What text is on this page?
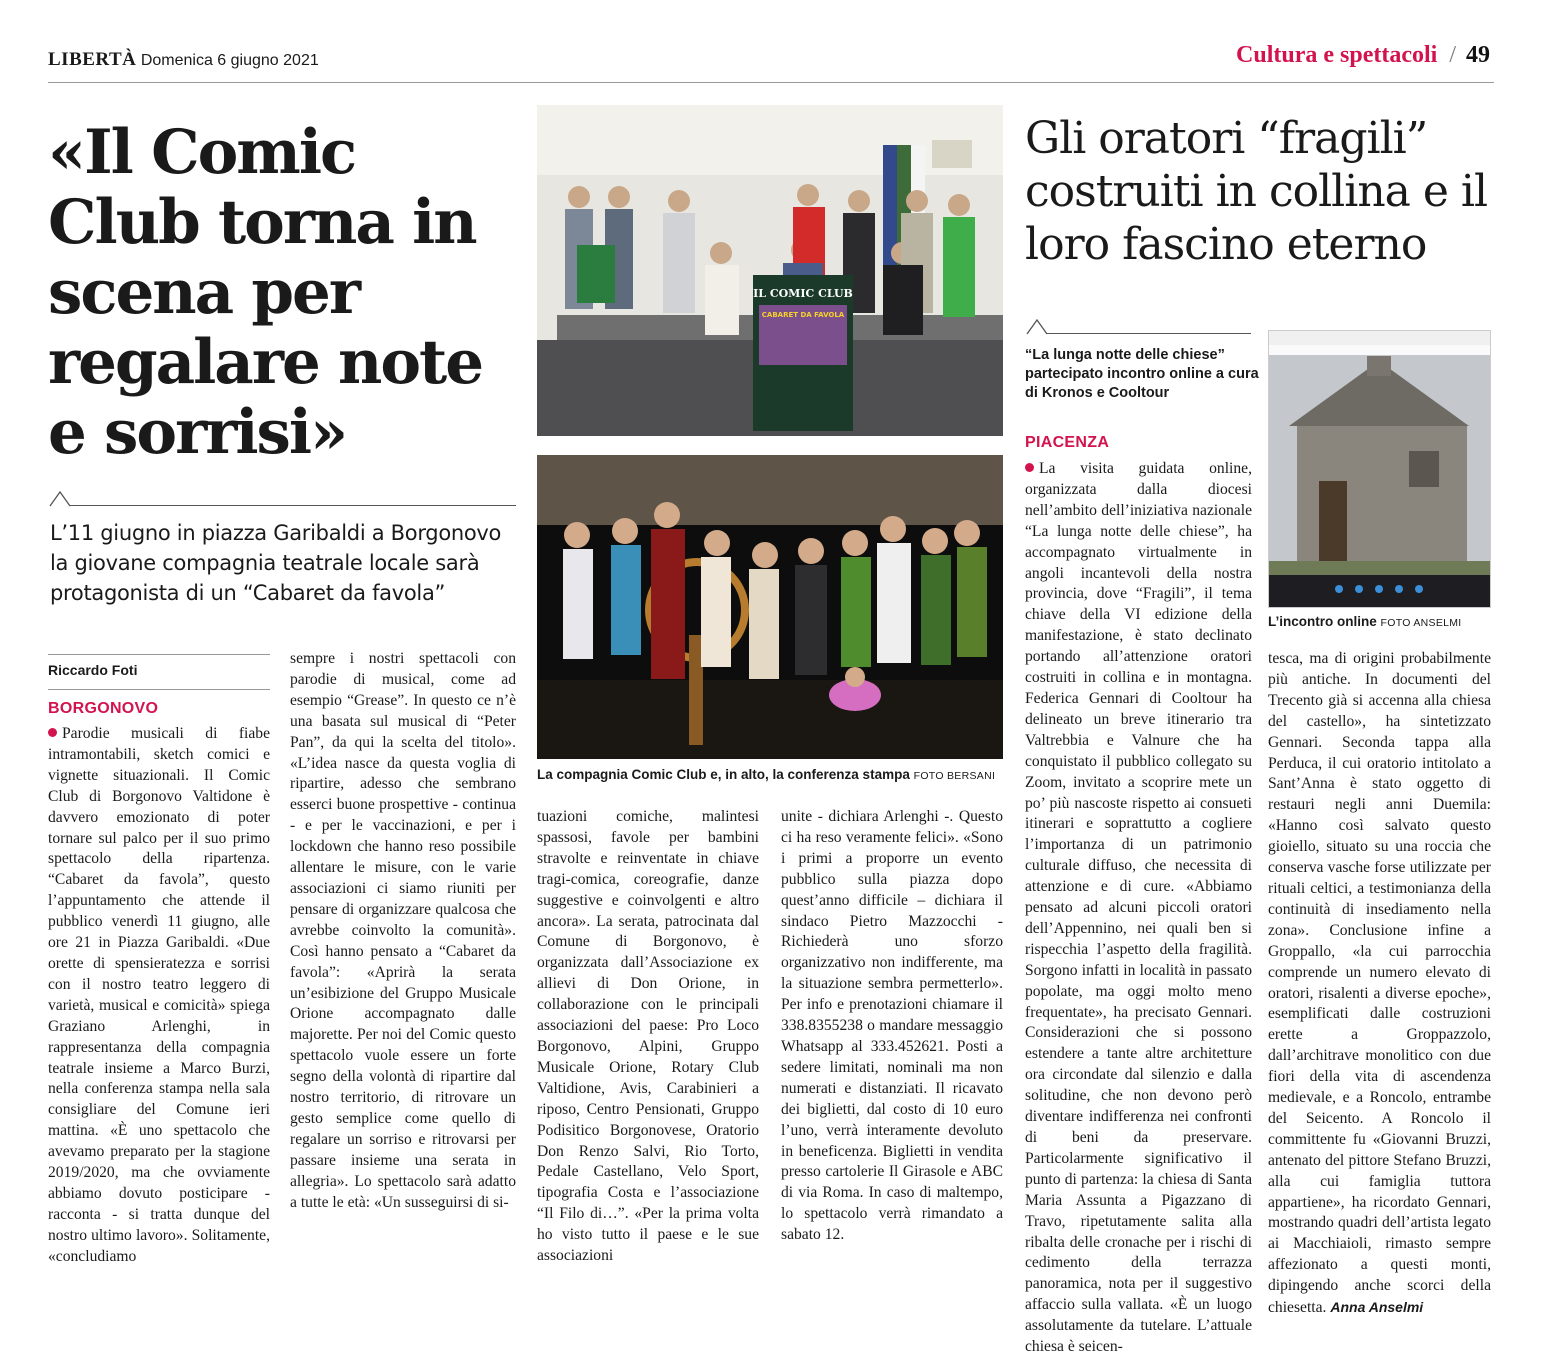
LIBERTÀ Domenica 6 giugno 2021	Cultura e spettacoli / 49
«Il Comic Club torna in scena per regalare note e sorrisi»
L’11 giugno in piazza Garibaldi a Borgonovo la giovane compagnia teatrale locale sarà protagonista di un “Cabaret da favola”
Riccardo Foti
BORGONOVO

Parodie musicali di fiabe intramontabili, sketch comici e vignette situazionali. Il Comic Club di Borgonovo Valtidone è davvero emozionato di poter tornare sul palco per il suo primo spettacolo della ripartenza. “Cabaret da favola”, questo l’appuntamento che attende il pubblico venerdì 11 giugno, alle ore 21 in Piazza Garibaldi. «Due orette di spensieratezza e sorrisi con il nostro teatro leggero di varietà, musical e comicità» spiega Graziano Arlenghi, in rappresentanza della compagnia teatrale insieme a Marco Burzi, nella conferenza stampa nella sala consigliare del Comune ieri mattina. «È uno spettacolo che avevamo preparato per la stagione 2019/2020, ma che ovviamente abbiamo dovuto posticipare - racconta - si tratta dunque del nostro ultimo lavoro». Solitamente, «concludiamo

sempre i nostri spettacoli con parodie di musical, come ad esempio “Grease”. In questo ce n’è una basata sul musical di “Peter Pan”, da qui la scelta del titolo». «L’idea nasce da questa voglia di ripartire, adesso che sembrano esserci buone prospettive - continua - e per le vaccinazioni, e per i lockdown che hanno reso possibile allentare le misure, con le varie associazioni ci siamo riuniti per pensare di organizzare qualcosa che avrebbe coinvolto la comunità». Così hanno pensato a “Cabaret da favola”: «Aprirà la serata un’esibizione del Gruppo Musicale Orione accompagnato dalle majorette. Per noi del Comic questo spettacolo vuole essere un forte segno della volontà di ripartire dal nostro territorio, di ritrovare un gesto semplice come quello di regalare un sorriso e ritrovarsi per passare insieme una serata in allegria». Lo spettacolo sarà adatto a tutte le età: «Un susseguirsi di si-

IL COMIC CLUB
CABARET DA FAVOLA
La compagnia Comic Club e, in alto, la conferenza stampa FOTO BERSANI

tuazioni comiche, malintesi spassosi, favole per bambini stravolte e reinventate in chiave tragi-comica, coreografie, danze suggestive e coinvolgenti e altro ancora». La serata, patrocinata dal Comune di Borgonovo, è organizzata dall’Associazione ex allievi di Don Orione, in collaborazione con le principali associazioni del paese: Pro Loco Borgonovo, Alpini, Gruppo Musicale Orione, Rotary Club Valtidione, Avis, Carabinieri a riposo, Centro Pensionati, Gruppo Podisitico Borgonovese, Oratorio Don Renzo Salvi, Rio Torto, Pedale Castellano, Velo Sport, tipografia Costa e l’associazione “Il Filo di…”. «Per la prima volta ho visto tutto il paese e le sue associazioni

unite - dichiara Arlenghi -. Questo ci ha reso veramente felici». «Sono i primi a proporre un evento pubblico sulla piazza dopo quest’anno difficile – dichiara il sindaco Pietro Mazzocchi - Richiederà uno sforzo organizzativo non indifferente, ma la situazione sembra permetterlo». Per info e prenotazioni chiamare il 338.8355238 o mandare messaggio Whatsapp al 333.452621. Posti a sedere limitati, nominali ma non numerati e distanziati. Il ricavato dei biglietti, dal costo di 10 euro l’uno, verrà interamente devoluto in beneficenza. Biglietti in vendita presso cartolerie Il Girasole e ABC di via Roma. In caso di maltempo, lo spettacolo verrà rimandato a sabato 12.

Gli oratori “fragili” costruiti in collina e il loro fascino eterno
“La lunga notte delle chiese” partecipato incontro online a cura di Kronos e Cooltour
PIACENZA

La visita guidata online, organizzata dalla diocesi nell’ambito dell’iniziativa nazionale “La lunga notte delle chiese”, ha accompagnato virtualmente in angoli incantevoli della nostra provincia, dove “Fragili”, il tema chiave della VI edizione della manifestazione, è stato declinato portando all’attenzione oratori costruiti in collina e in montagna. Federica Gennari di Cooltour ha delineato un breve itinerario tra Valtrebbia e Valnure che ha conquistato il pubblico collegato su Zoom, invitato a scoprire mete un po’ più nascoste rispetto ai consueti itinerari e soprattutto a cogliere l’importanza di un patrimonio culturale diffuso, che necessita di attenzione e di cure. «Abbiamo pensato ad alcuni piccoli oratori dell’Appennino, nei quali ben si rispecchia l’aspetto della fragilità. Sorgono infatti in località in passato popolate, ma oggi molto meno frequentate», ha precisato Gennari. Considerazioni che si possono estendere a tante altre architetture ora circondate dal silenzio e dalla solitudine, che non devono però diventare indifferenza nei confronti di beni da preservare. Particolarmente significativo il punto di partenza: la chiesa di Santa Maria Assunta a Pigazzano di Travo, ripetutamente salita alla ribalta delle cronache per i rischi di cedimento della terrazza panoramica, nota per il suggestivo affaccio sulla vallata. «È un luogo assolutamente da tutelare. L’attuale chiesa è seicen-

L’incontro online FOTO ANSELMI

tesca, ma di origini probabilmente più antiche. In documenti del Trecento già si accenna alla chiesa del castello», ha sintetizzato Gennari. Seconda tappa alla Perduca, il cui oratorio intitolato a Sant’Anna è stato oggetto di restauri negli anni Duemila: «Hanno così salvato questo gioiello, situato su una roccia che conserva vasche forse utilizzate per rituali celtici, a testimonianza della continuità di insediamento nella zona». Conclusione infine a Groppallo, «la cui parrocchia comprende un numero elevato di oratori, risalenti a diverse epoche», esemplificati dalle costruzioni erette a Groppazzolo, dall’architrave monolitico con due fiori della vita di ascendenza medievale, e a Roncolo, entrambe del Seicento. A Roncolo il committente fu «Giovanni Bruzzi, antenato del pittore Stefano Bruzzi, alla cui famiglia tuttora appartiene», ha ricordato Gennari, mostrando quadri dell’artista legato ai Macchiaioli, rimasto sempre affezionato a questi monti, dipingendo anche scorci della chiesetta. Anna Anselmi
